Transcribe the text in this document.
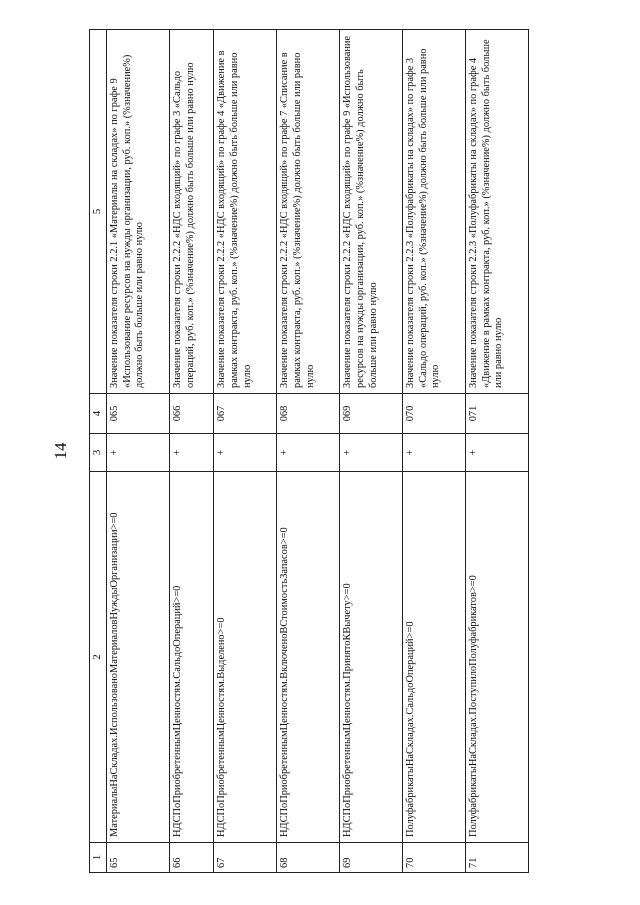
14
1	2	3	4	5
65	МатериалыНаСкладах.ИспользованоМатериаловНуждыОрганизации>=0	+	065	Значение показателя строки 2.2.1 «Материалы на складах» по графе 9 «Использование ресурсов на нужды организации, руб. коп.» (%значение%) должно быть больше или равно нулю
66	НДСПоПриобретеннымЦенностям.СальдоОпераций>=0	+	066	Значение показателя строки 2.2.2 «НДС входящий» по графе 3 «Сальдо операций, руб. коп.» (%значение%) должно быть больше или равно нулю
67	НДСПоПриобретеннымЦенностям.Выделено>=0	+	067	Значение показателя строки 2.2.2 «НДС входящий» по графе 4 «Движение в рамках контракта, руб. коп.» (%значение%) должно быть больше или равно нулю
68	НДСПоПриобретеннымЦенностям.ВключеноВСтоимостьЗапасов>=0	+	068	Значение показателя строки 2.2.2 «НДС входящий» по графе 7 «Списание в рамках контракта, руб. коп.» (%значение%) должно быть больше или равно нулю
69	НДСПоПриобретеннымЦенностям.ПринятоКВычету>=0	+	069	Значение показателя строки 2.2.2 «НДС входящий» по графе 9 «Использование ресурсов на нужды организации, руб. коп.» (%значение%) должно быть больше или равно нулю
70	ПолуфабрикатыНаСкладах.СальдоОпераций>=0	+	070	Значение показателя строки 2.2.3 «Полуфабрикаты на складах» по графе 3 «Сальдо операций, руб. коп.» (%значение%) должно быть больше или равно нулю
71	ПолуфабрикатыНаСкладах.ПоступилоПолуфабрикатов>=0	+	071	Значение показателя строки 2.2.3 «Полуфабрикаты на складах» по графе 4 «Движение в рамках контракта, руб. коп.» (%значение%) должно быть больше или равно нулю
